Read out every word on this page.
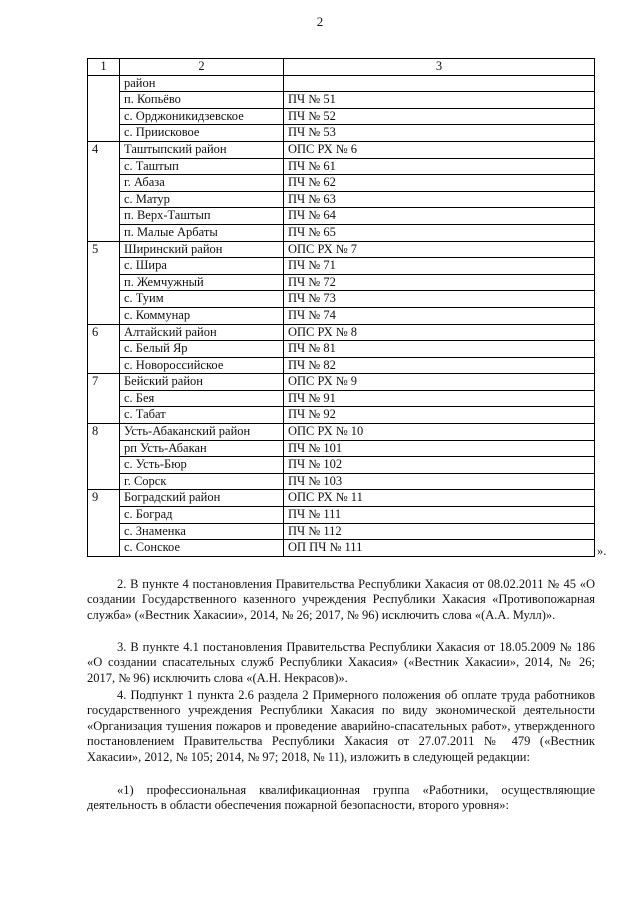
2
1	2	3
	район	
	п. Копьёво	ПЧ № 51
	с. Орджоникидзевское	ПЧ № 52
	с. Приисковое	ПЧ № 53
4	Таштыпский район	ОПС РХ № 6
	с. Таштып	ПЧ № 61
	г. Абаза	ПЧ № 62
	с. Матур	ПЧ № 63
	п. Верх-Таштып	ПЧ № 64
	п. Малые Арбаты	ПЧ № 65
5	Ширинский район	ОПС РХ № 7
	с. Шира	ПЧ № 71
	п. Жемчужный	ПЧ № 72
	с. Туим	ПЧ № 73
	с. Коммунар	ПЧ № 74
6	Алтайский район	ОПС РХ № 8
	с. Белый Яр	ПЧ № 81
	с. Новороссийское	ПЧ № 82
7	Бейский район	ОПС РХ № 9
	с. Бея	ПЧ № 91
	с. Табат	ПЧ № 92
8	Усть-Абаканский район	ОПС РХ № 10
	рп Усть-Абакан	ПЧ № 101
	с. Усть-Бюр	ПЧ № 102
	г. Сорск	ПЧ № 103
9	Боградский район	ОПС РХ № 11
	с. Боград	ПЧ № 111
	с. Знаменка	ПЧ № 112
	с. Сонское	ОП ПЧ № 111	».

2. В пункте 4 постановления Правительства Республики Хакасия от 08.02.2011 № 45 «О создании Государственного казенного учреждения Республики Хакасия «Противопожарная служба» («Вестник Хакасии», 2014, № 26; 2017, № 96) исключить слова «(А.А. Мулл)».

3. В пункте 4.1 постановления Правительства Республики Хакасия от 18.05.2009 № 186 «О создании спасательных служб Республики Хакасия» («Вестник Хакасии», 2014, № 26; 2017, № 96) исключить слова «(А.Н. Некрасов)».

4. Подпункт 1 пункта 2.6 раздела 2 Примерного положения об оплате труда работников государственного учреждения Республики Хакасия по виду экономической деятельности «Организация тушения пожаров и проведение аварийно-спасательных работ», утвержденного постановлением Правительства Республики Хакасия от 27.07.2011 № 479 («Вестник Хакасии», 2012, № 105; 2014, № 97; 2018, № 11), изложить в следующей редакции:

«1) профессиональная квалификационная группа «Работники, осуществляющие деятельность в области обеспечения пожарной безопасности, второго уровня»:
